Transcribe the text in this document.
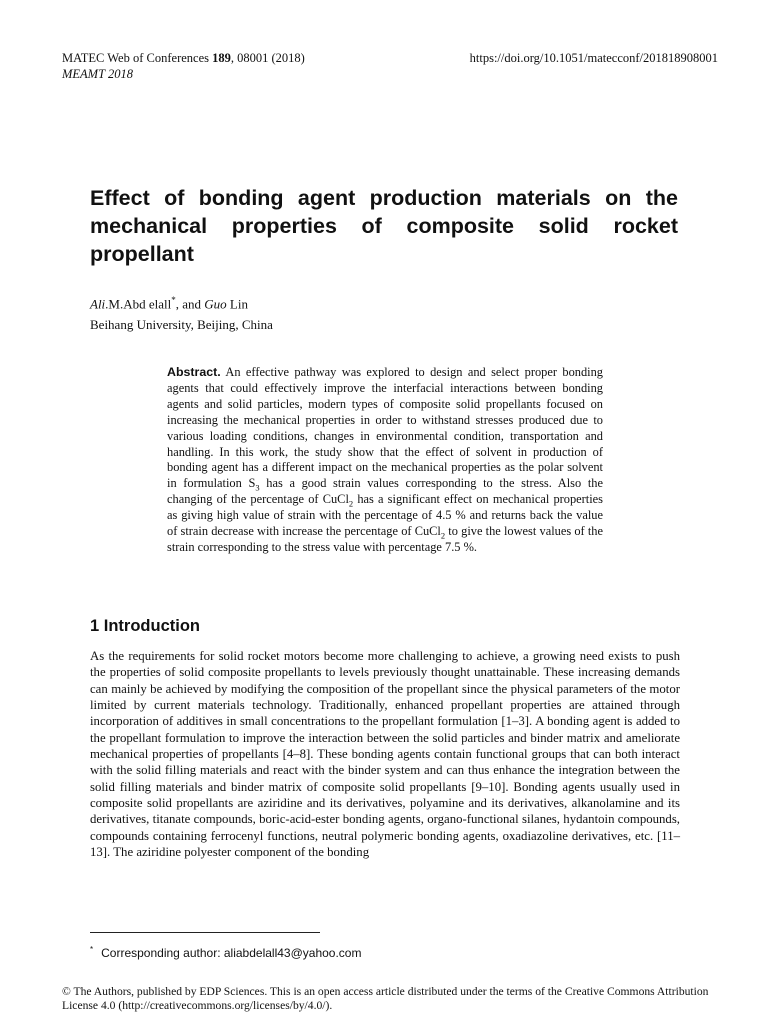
MATEC Web of Conferences 189, 08001 (2018)	https://doi.org/10.1051/matecconf/201818908001
MEAMT 2018
Effect of bonding agent production materials on the mechanical properties of composite solid rocket propellant
Ali.M.Abd elall*, and Guo Lin
Beihang University, Beijing, China
Abstract. An effective pathway was explored to design and select proper bonding agents that could effectively improve the interfacial interactions between bonding agents and solid particles, modern types of composite solid propellants focused on increasing the mechanical properties in order to withstand stresses produced due to various loading conditions, changes in environmental condition, transportation and handling. In this work, the study show that the effect of solvent in production of bonding agent has a different impact on the mechanical properties as the polar solvent in formulation $S_3$ has a good strain values corresponding to the stress. Also the changing of the percentage of CuCl$_2$ has a significant effect on mechanical properties as giving high value of strain with the percentage of 4.5 % and returns back the value of strain decrease with increase the percentage of CuCl$_2$ to give the lowest values of the strain corresponding to the stress value with percentage 7.5 %.
1 Introduction
As the requirements for solid rocket motors become more challenging to achieve, a growing need exists to push the properties of solid composite propellants to levels previously thought unattainable. These increasing demands can mainly be achieved by modifying the composition of the propellant since the physical parameters of the motor limited by current materials technology. Traditionally, enhanced propellant properties are attained through incorporation of additives in small concentrations to the propellant formulation [1–3]. A bonding agent is added to the propellant formulation to improve the interaction between the solid particles and binder matrix and ameliorate mechanical properties of propellants [4–8]. These bonding agents contain functional groups that can both interact with the solid filling materials and react with the binder system and can thus enhance the integration between the solid filling materials and binder matrix of composite solid propellants [9–10]. Bonding agents usually used in composite solid propellants are aziridine and its derivatives, polyamine and its derivatives, alkanolamine and its derivatives, titanate compounds, boric-acid-ester bonding agents, organo-functional silanes, hydantoin compounds, compounds containing ferrocenyl functions, neutral polymeric bonding agents, oxadiazoline derivatives, etc. [11–13]. The aziridine polyester component of the bonding
* Corresponding author: aliabdelall43@yahoo.com
© The Authors, published by EDP Sciences. This is an open access article distributed under the terms of the Creative Commons Attribution License 4.0 (http://creativecommons.org/licenses/by/4.0/).
